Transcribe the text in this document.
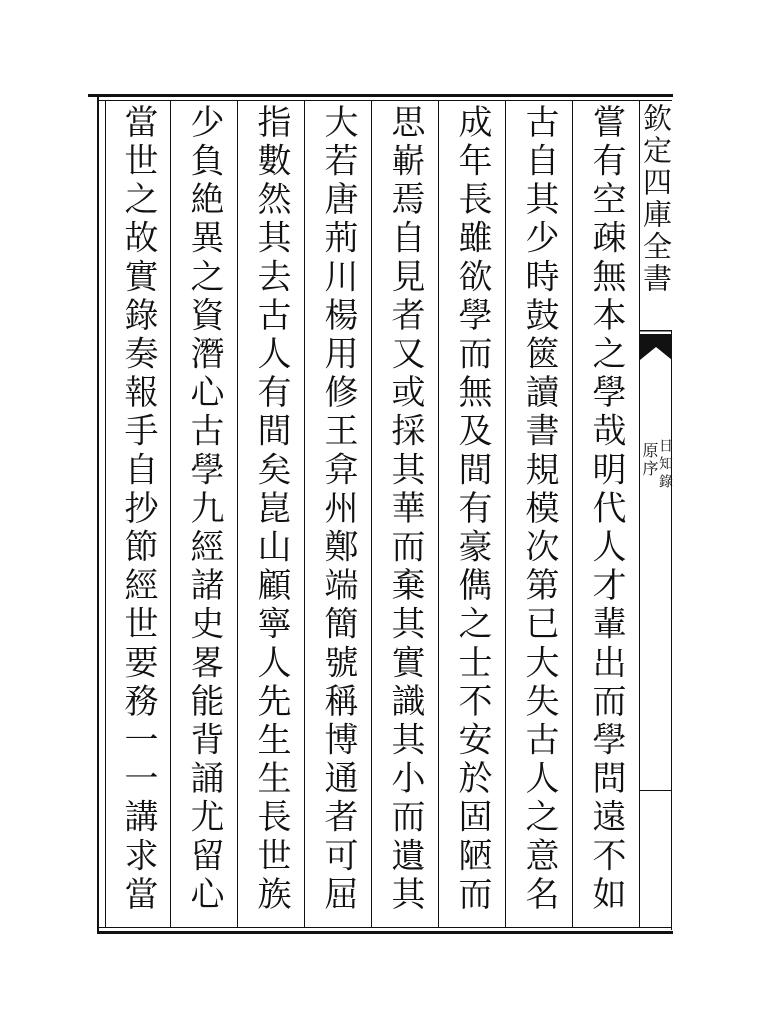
欽定四庫全書
日知錄
原序
嘗有空疎無本之學哉明代人才輩出而學問遠不如
古自其少時鼓篋讀書規模次第已大失古人之意名
成年長雖欲學而無及間有豪儁之士不安於固陋而
思嶄焉自見者又或採其華而棄其實識其小而遺其
大若唐荊川楊用修王弇州鄭端簡號稱博通者可屈
指數然其去古人有間矣崑山顧寧人先生生長世族
少負絶異之資潛心古學九經諸史畧能背誦尤留心
當世之故實錄奏報手自抄節經世要務一一講求當
